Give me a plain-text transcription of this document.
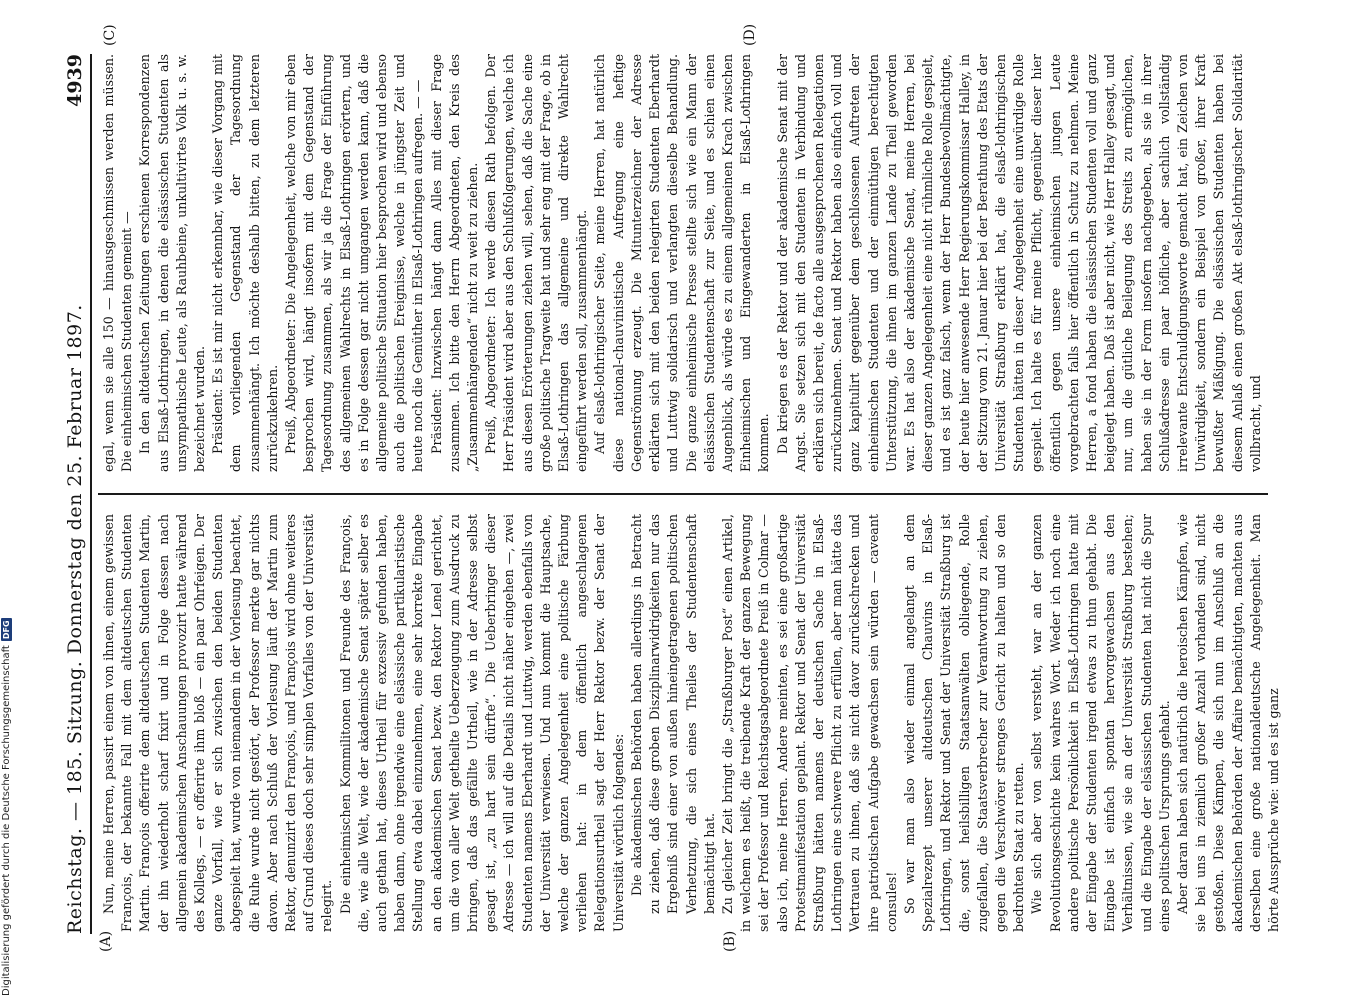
Reichstag. — 185. Sitzung. Donnerstag den 25. Februar 1897.
4939
(A)	(B)
(C)	(D)

Nun, meine Herren, passirt einem von ihnen, einem gewissen François, der bekannte Fall mit dem altdeutschen Studenten Martin. François offerirte dem altdeutschen Studenten Martin, der ihn wiederholt scharf fixirt und in Folge dessen nach allgemein akademischen Anschauungen provozirt hatte während des Kollegs, — er offerirte ihm bloß — ein paar Ohrfeigen. Der ganze Vorfall, wie er sich zwischen den beiden Studenten abgespielt hat, wurde von niemandem in der Vorlesung beachtet, die Ruhe wurde nicht gestört, der Professor merkte gar nichts davon. Aber nach Schluß der Vorlesung läuft der Martin zum Rektor, denunzirt den François, und François wird ohne weiteres auf Grund dieses doch sehr simplen Vorfalles von der Universität relegirt. Die einheimischen Kommilitonen und Freunde des François, die, wie alle Welt, wie der akademische Senat später selber es auch gethan hat, dieses Urtheil für exzessiv gefunden haben, haben dann, ohne irgendwie eine elsässische partikularistische Stellung etwa dabei einzunehmen, eine sehr korrekte Eingabe an den akademischen Senat bezw. den Rektor Lenel gerichtet, um die von aller Welt getheilte Ueberzeugung zum Ausdruck zu bringen, daß das gefällte Urtheil, wie in der Adresse selbst gesagt ist, „zu hart sein dürfte“. Die Ueberbringer dieser Adresse — ich will auf die Details nicht näher eingehen —, zwei Studenten namens Eberhardt und Luttwig, werden ebenfalls von der Universität verwiesen. Und nun kommt die Hauptsache, welche der ganzen Angelegenheit eine politische Färbung verliehen hat: in dem öffentlich angeschlagenen Relegationsurtheil sagt der Herr Rektor bezw. der Senat der Universität wörtlich folgendes: Die akademischen Behörden haben allerdings in Betracht zu ziehen, daß diese groben Disziplinarwidrigkeiten nur das Ergebniß sind einer von außen hineingetragenen politischen Verhetzung, die sich eines Theiles der Studentenschaft bemächtigt hat. Zu gleicher Zeit bringt die „Straßburger Post“ einen Artikel, in welchem es heißt, die treibende Kraft der ganzen Bewegung sei der Professor und Reichstagsabgeordnete Preiß in Colmar — also ich, meine Herren. Andere meinten, es sei eine großartige Protestmanifestation geplant. Rektor und Senat der Universität Straßburg hätten namens der deutschen Sache in Elsaß-Lothringen eine schwere Pflicht zu erfüllen, aber man hätte das Vertrauen zu ihnen, daß sie nicht davor zurückschrecken und ihre patriotischen Aufgabe gewachsen sein würden — caveant consules! So war man also wieder einmal angelangt an dem Spezialrezept unserer altdeutschen Chauvins in Elsaß-Lothringen, und Rektor und Senat der Universität Straßburg ist die, sonst heilsbilligen Staatsanwälten obliegende, Rolle zugefallen, die Staatsverbrecher zur Verantwortung zu ziehen, gegen die Verschwörer strenges Gericht zu halten und so den bedrohten Staat zu retten. Wie sich aber von selbst versteht, war an der ganzen Revolutionsgeschichte kein wahres Wort. Weder ich noch eine andere politische Persönlichkeit in Elsaß-Lothringen hatte mit der Eingabe der Studenten irgend etwas zu thun gehabt. Die Eingabe ist einfach spontan hervorgewachsen aus den Verhältnissen, wie sie an der Universität Straßburg bestehen; und die Eingabe der elsässischen Studenten hat nicht die Spur eines politischen Ursprungs gehabt. Aber daran haben sich natürlich die heroischen Kämpfen, wie sie bei uns in ziemlich großer Anzahl vorhanden sind, nicht gestoßen. Diese Kämpen, die sich nun im Anschluß an die akademischen Behörden der Affaire bemächtigten, machten aus derselben eine große nationaldeutsche Angelegenheit. Man hörte Aussprüche wie: und es ist ganz

egal, wenn sie alle 150 — hinausgeschmissen werden müssen. Die einheimischen Studenten gemeint — In den altdeutschen Zeitungen erschienen Korrespondenzen aus Elsaß-Lothringen, in denen die elsässischen Studenten als unsympathische Leute, als Rauhbeine, unkultivirtes Volk u. s. w. bezeichnet wurden. Präsident: Es ist mir nicht erkennbar, wie dieser Vorgang mit dem vorliegenden Gegenstand der Tagesordnung zusammenhängt. Ich möchte deshalb bitten, zu dem letzteren zurückzukehren. Preiß, Abgeordneter: Die Angelegenheit, welche von mir eben besprochen wird, hängt insofern mit dem Gegenstand der Tagesordnung zusammen, als wir ja die Frage der Einführung des allgemeinen Wahlrechts in Elsaß-Lothringen erörtern, und es in Folge dessen gar nicht umgangen werden kann, daß die allgemeine politische Situation hier besprochen wird und ebenso auch die politischen Ereignisse, welche in jüngster Zeit und heute noch die Gemüther in Elsaß-Lothringen aufregen. — — Präsident: Inzwischen hängt dann Alles mit dieser Frage zusammen. Ich bitte den Herrn Abgeordneten, den Kreis des „Zusammenhängenden“ nicht zu weit zu ziehen. Preiß, Abgeordneter: Ich werde diesen Rath befolgen. Der Herr Präsident wird aber aus den Schlußfolgerungen, welche ich aus diesen Erörterungen ziehen will, sehen, daß die Sache eine große politische Tragweite hat und sehr eng mit der Frage, ob in Elsaß-Lothringen das allgemeine und direkte Wahlrecht eingeführt werden soll, zusammenhängt. Auf elsaß-lothringischer Seite, meine Herren, hat natürlich diese national-chauvinistische Aufregung eine heftige Gegenströmung erzeugt. Die Mitunterzeichner der Adresse erklärten sich mit den beiden relegirten Studenten Eberhardt und Luttwig solidarisch und verlangten dieselbe Behandlung. Die ganze einheimische Presse stellte sich wie ein Mann der elsässischen Studentenschaft zur Seite, und es schien einen Augenblick, als würde es zu einem allgemeinen Krach zwischen Einheimischen und Eingewanderten in Elsaß-Lothringen kommen. Da kriegen es der Rektor und der akademische Senat mit der Angst. Sie setzen sich mit den Studenten in Verbindung und erklären sich bereit, de facto alle ausgesprochenen Relegationen zurückzunehmen. Senat und Rektor haben also einfach voll und ganz kapitulirt gegenüber dem geschlossenen Auftreten der einheimischen Studenten und der einmüthigen berechtigten Unterstützung, die ihnen im ganzen Lande zu Theil geworden war. Es hat also der akademische Senat, meine Herren, bei dieser ganzen Angelegenheit eine nicht rühmliche Rolle gespielt, und es ist ganz falsch, wenn der Herr Bundesbevollmächtigte, der heute hier anwesende Herr Regierungskommissar Halley, in der Sitzung vom 21. Januar hier bei der Berathung des Etats der Universität Straßburg erklärt hat, die elsaß-lothringischen Studenten hätten in dieser Angelegenheit eine unwürdige Rolle gespielt. Ich halte es für meine Pflicht, gegenüber dieser hier öffentlich gegen unsere einheimischen jungen Leute vorgebrachten falls hier öffentlich in Schutz zu nehmen. Meine Herren, a fond haben die elsässischen Studenten voll und ganz beigelegt haben. Daß ist aber nicht, wie Herr Halley gesagt, und nur, um die gütliche Beilegung des Streits zu ermöglichen, haben sie in der Form insofern nachgegeben, als sie in ihrer Schlußadresse ein paar höfliche, aber sachlich vollständig irrelevante Entschuldigungsworte gemacht hat, ein Zeichen von Unwürdigkeit, sondern ein Beispiel von großer, ihrer Kraft bewußter Mäßigung. Die elsässischen Studenten haben bei diesem Anlaß einen großen Akt elsaß-lothringischer Solidarität vollbracht, und

Digitalisierung gefördert durch die Deutsche Forschungsgemeinschaft
DFG
